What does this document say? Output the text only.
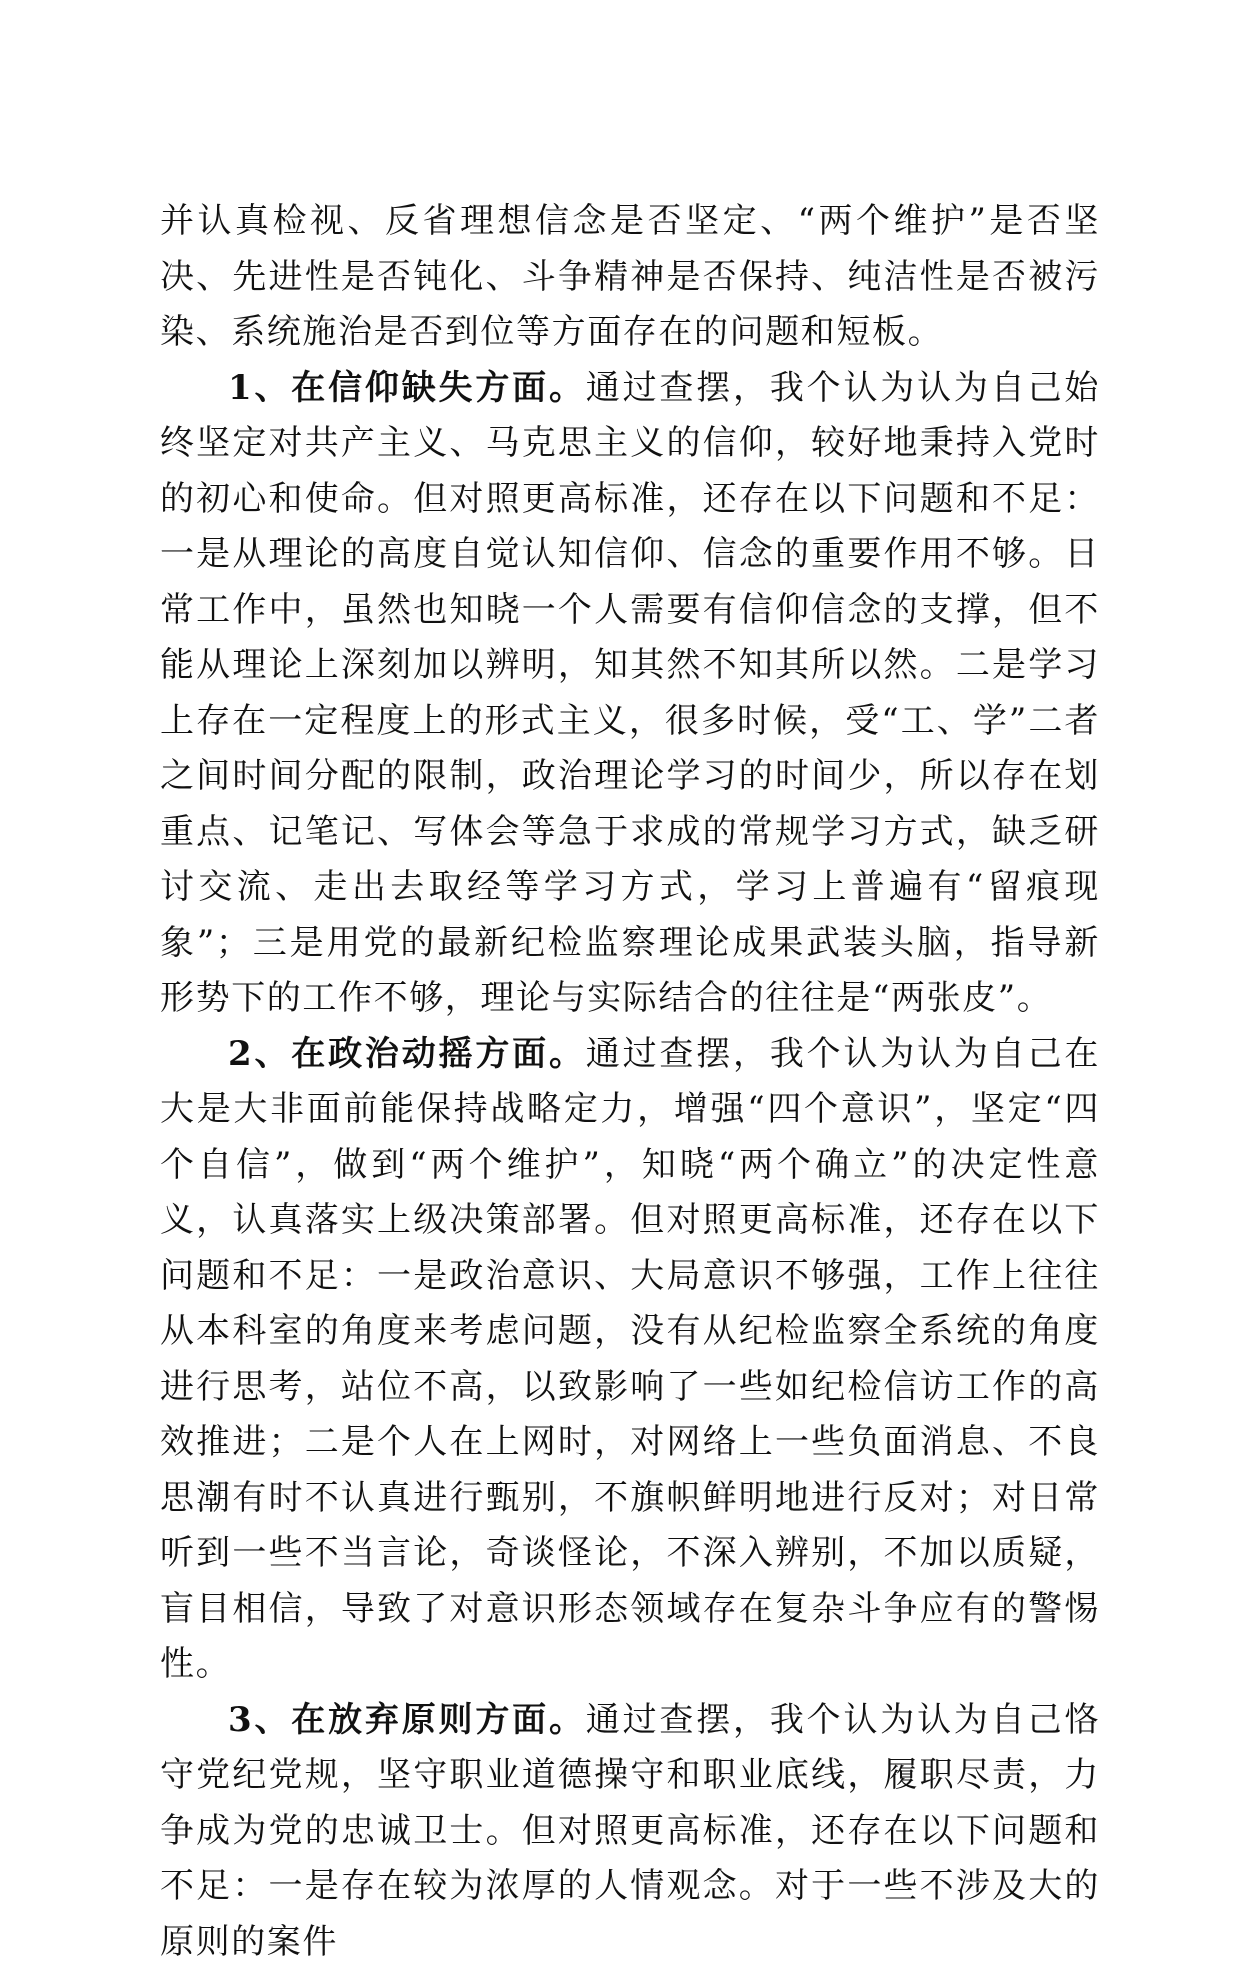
并认真检视、反省理想信念是否坚定、“两个维护”是否坚决、先进性是否钝化、斗争精神是否保持、纯洁性是否被污染、系统施治是否到位等方面存在的问题和短板。

1、在信仰缺失方面。通过查摆，我个认为认为自己始终坚定对共产主义、马克思主义的信仰，较好地秉持入党时的初心和使命。但对照更高标准，还存在以下问题和不足：一是从理论的高度自觉认知信仰、信念的重要作用不够。日常工作中，虽然也知晓一个人需要有信仰信念的支撑，但不能从理论上深刻加以辨明，知其然不知其所以然。二是学习上存在一定程度上的形式主义，很多时候，受“工、学”二者之间时间分配的限制，政治理论学习的时间少，所以存在划重点、记笔记、写体会等急于求成的常规学习方式，缺乏研讨交流、走出去取经等学习方式，学习上普遍有“留痕现象”；三是用党的最新纪检监察理论成果武装头脑，指导新形势下的工作不够，理论与实际结合的往往是“两张皮”。

2、在政治动摇方面。通过查摆，我个认为认为自己在大是大非面前能保持战略定力，增强“四个意识”，坚定“四个自信”，做到“两个维护”，知晓“两个确立”的决定性意义，认真落实上级决策部署。但对照更高标准，还存在以下问题和不足：一是政治意识、大局意识不够强，工作上往往从本科室的角度来考虑问题，没有从纪检监察全系统的角度进行思考，站位不高，以致影响了一些如纪检信访工作的高效推进；二是个人在上网时，对网络上一些负面消息、不良思潮有时不认真进行甄别，不旗帜鲜明地进行反对；对日常听到一些不当言论，奇谈怪论，不深入辨别，不加以质疑，盲目相信，导致了对意识形态领域存在复杂斗争应有的警惕性。

3、在放弃原则方面。通过查摆，我个认为认为自己恪守党纪党规，坚守职业道德操守和职业底线，履职尽责，力争成为党的忠诚卫士。但对照更高标准，还存在以下问题和不足：一是存在较为浓厚的人情观念。对于一些不涉及大的原则的案件
